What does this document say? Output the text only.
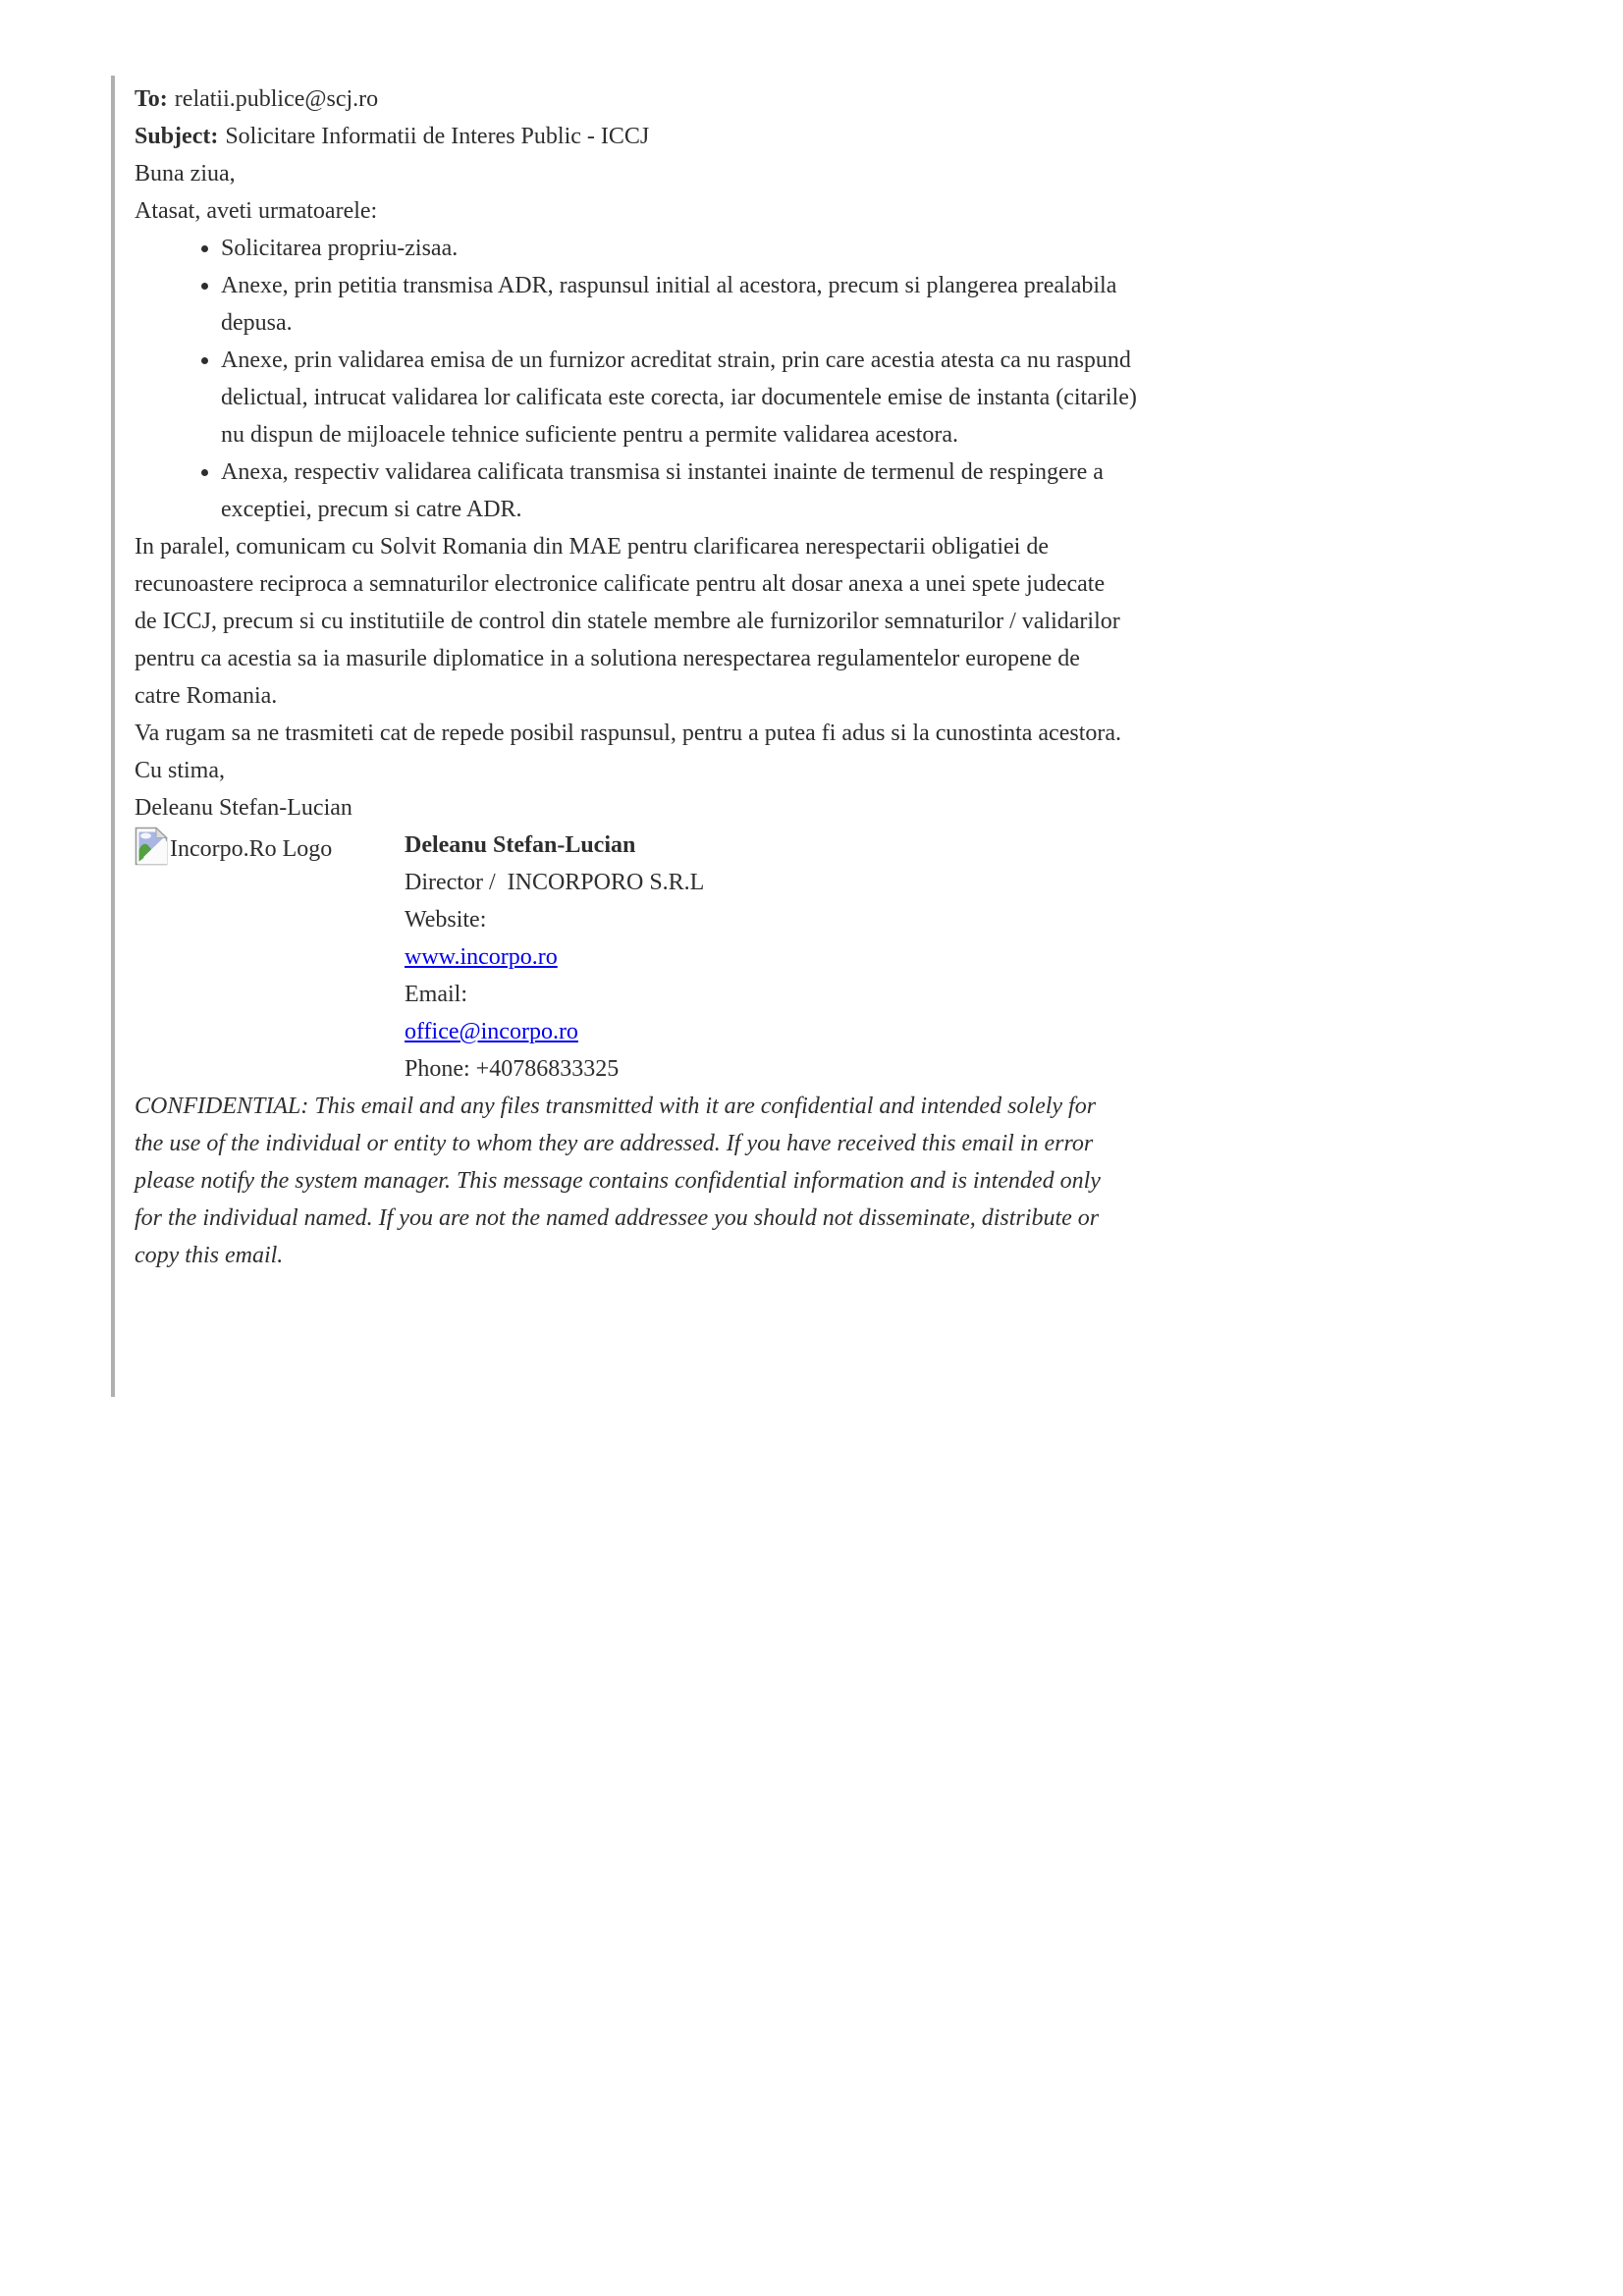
To: relatii.publice@scj.ro
Subject: Solicitare Informatii de Interes Public - ICCJ

Buna ziua,

Atasat, aveti urmatoarele:

• Solicitarea propriu-zisaa.
• Anexe, prin petitia transmisa ADR, raspunsul initial al acestora, precum si plangerea prealabila
depusa.
• Anexe, prin validarea emisa de un furnizor acreditat strain, prin care acestia atesta ca nu raspund
delictual, intrucat validarea lor calificata este corecta, iar documentele emise de instanta (citarile)
nu dispun de mijloacele tehnice suficiente pentru a permite validarea acestora.
• Anexa, respectiv validarea calificata transmisa si instantei inainte de termenul de respingere a
exceptiei, precum si catre ADR.

In paralel, comunicam cu Solvit Romania din MAE pentru clarificarea nerespectarii obligatiei de
recunoastere reciproca a semnaturilor electronice calificate pentru alt dosar anexa a unei spete judecate
de ICCJ, precum si cu institutiile de control din statele membre ale furnizorilor semnaturilor / validarilor
pentru ca acestia sa ia masurile diplomatice in a solutiona nerespectarea regulamentelor europene de
catre Romania.

Va rugam sa ne trasmiteti cat de repede posibil raspunsul, pentru a putea fi adus si la cunostinta acestora.

Cu stima,

Deleanu Stefan-Lucian

Incorpo.Ro Logo	Deleanu Stefan-Lucian
Director /  INCORPORO S.R.L
Website:
www.incorpo.ro
Email:
office@incorpo.ro
Phone: +40786833325

CONFIDENTIAL: This email and any files transmitted with it are confidential and intended solely for
the use of the individual or entity to whom they are addressed. If you have received this email in error
please notify the system manager. This message contains confidential information and is intended only
for the individual named. If you are not the named addressee you should not disseminate, distribute or
copy this email.
